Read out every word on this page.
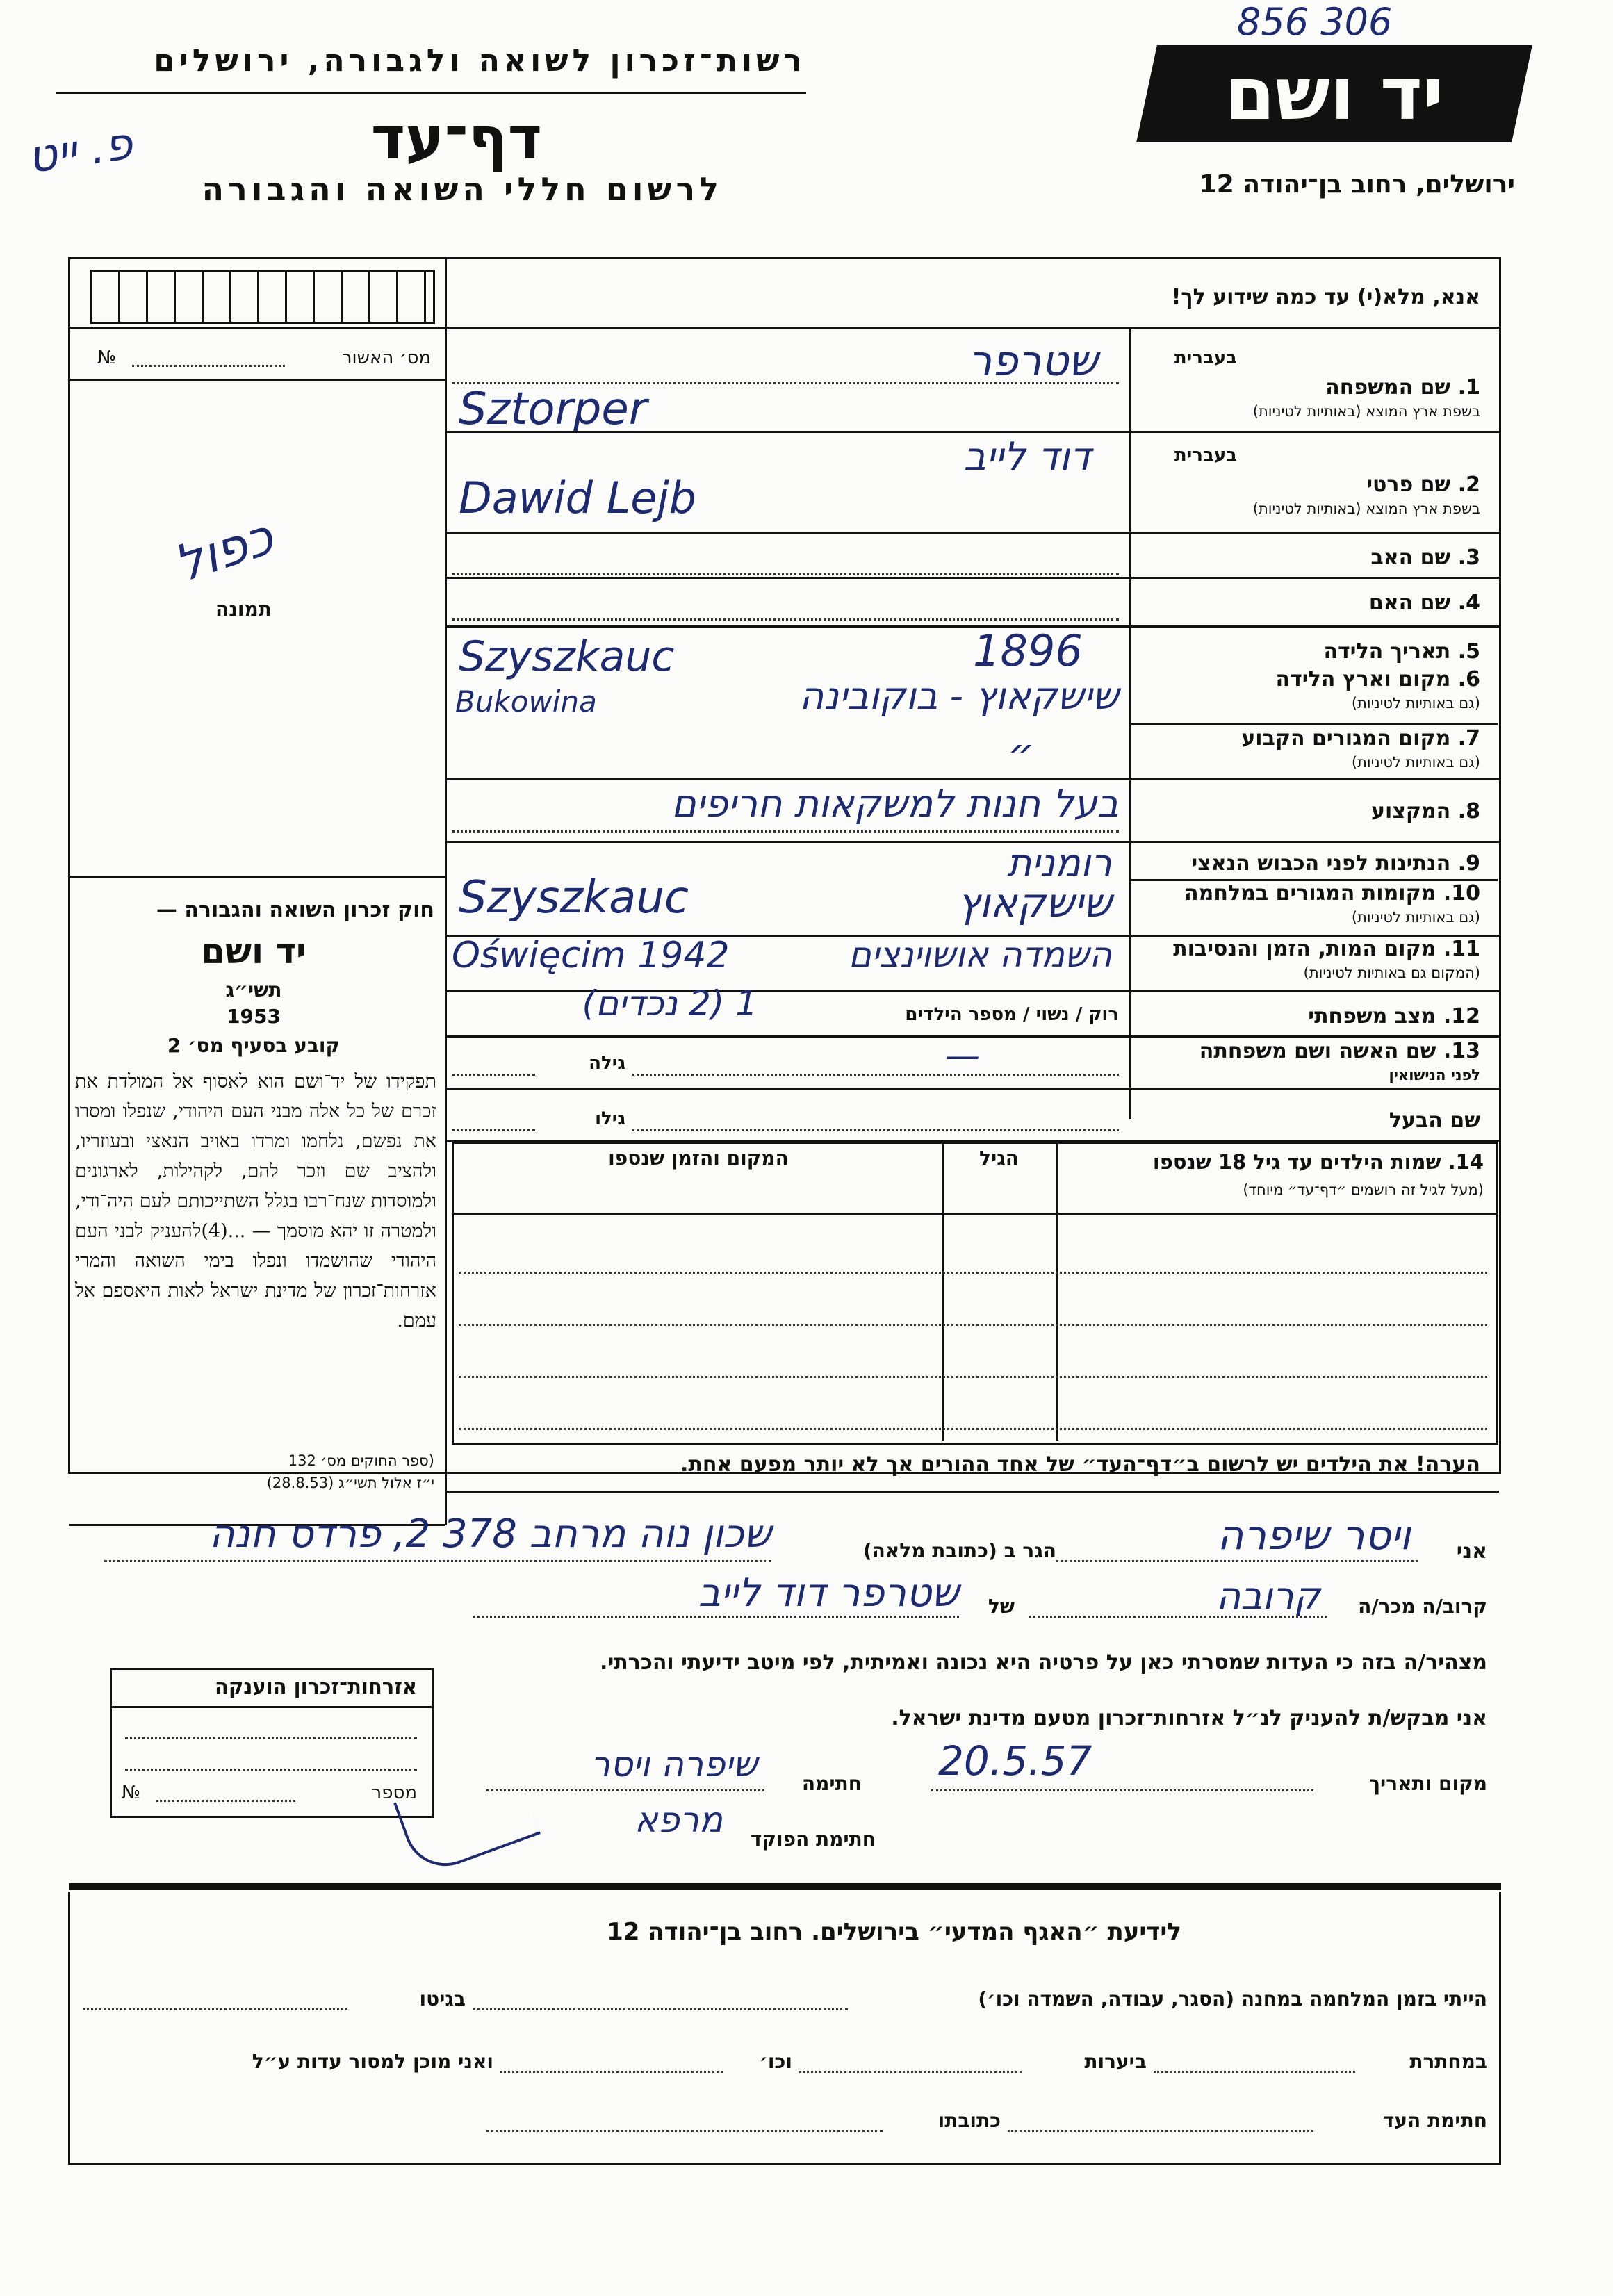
856 306
רשות־זכרון לשואה ולגבורה, ירושלים
דף־עד
לרשום חללי השואה והגבורה
פ. ייט
יד ושם
ירושלים, רחוב בן־יהודה 12
מס׳ האשור
№
כפול
תמונה
חוק זכרון השואה והגבורה —
יד ושם
תשי״ג
1953
קובע בסעיף מס׳ 2
תפקידו של יד־ושם הוא לאסוף אל המולדת את זכרם של כל אלה מבני העם היהודי, שנפלו ומסרו את נפשם, נלחמו ומרדו באויב הנאצי ובעוזריו, ולהציב שם וזכר להם, לקהילות, לארגונים ולמוסדות שנח־רבו בגלל השתייכותם לעם היה־ודי, ולמטרה זו יהא מוסמך — ...(4)להעניק לבני העם היהודי שהושמדו ונפלו בימי השואה והמרי אזרחות־זכרון של מדינת ישראל לאות היאספם אל עמם.
(ספר החוקים מס׳ 132
י״ז אלול תשי״ג (28.8.53)
אזרחות־זכרון הוענקה
מספר
№
אנא, מלא(י) עד כמה שידוע לך!
בעברית
1. שם המשפחה
בשפת ארץ המוצא (באותיות לטיניות)
שטרפר
Sztorper
בעברית
2. שם פרטי
בשפת ארץ המוצא (באותיות לטיניות)
דוד לייב
Dawid Lejb
3. שם האב
4. שם האם
5. תאריך הלידה
1896
6. מקום וארץ הלידה
(גם באותיות לטיניות)
Szyszkauc
Bukowina	שישקאוץ - בוקובינה
7. מקום המגורים הקבוע
(גם באותיות לטיניות)
״
8. המקצוע
בעל חנות למשקאות חריפים
9. הנתינות לפני הכבוש הנאצי
רומנית
10. מקומות המגורים במלחמה
(גם באותיות לטיניות)
Szyszkauc	שישקאוץ
11. מקום המות, הזמן והנסיבות
(המקום גם באותיות לטיניות)
Oświęcim 1942	השמדה אושוינצים
12. מצב משפחתי
רוק / נשוי / מספר הילדים
1 (2 נכדים)
13. שם האשה ושם משפחתה
לפני הנישואין
—
גילה
שם הבעל
גילו
14. שמות הילדים עד גיל 18 שנספו
(מעל לגיל זה רושמים ״דף־עד״ מיוחד)
הגיל
המקום והזמן שנספו
הערה! את הילדים יש לרשום ב״דף־העד״ של אחד ההורים אך לא יותר מפעם אחת.
אני
ויסר שיפרה
הגר ב (כתובת מלאה)
שכון נוה מרחב 378 2, פרדס חנה
קרוב/ה מכר/ה
קרובה
של
שטרפר דוד לייב
מצהיר/ה בזה כי העדות שמסרתי כאן על פרטיה היא נכונה ואמיתית, לפי מיטב ידיעתי והכרתי.
אני מבקש/ת להעניק לנ״ל אזרחות־זכרון מטעם מדינת ישראל.
מקום ותאריך
20.5.57
חתימה
שיפרה ויסר
חתימת הפוקד
מרפא
לידיעת ״האגף המדעי״ בירושלים. רחוב בן־יהודה 12
הייתי בזמן המלחמה במחנה (הסגר, עבודה, השמדה וכו׳)
בגיטו
במחתרת
ביערות
וכו׳
ואני מוכן למסור עדות ע״ל
חתימת העד
כתובתו
